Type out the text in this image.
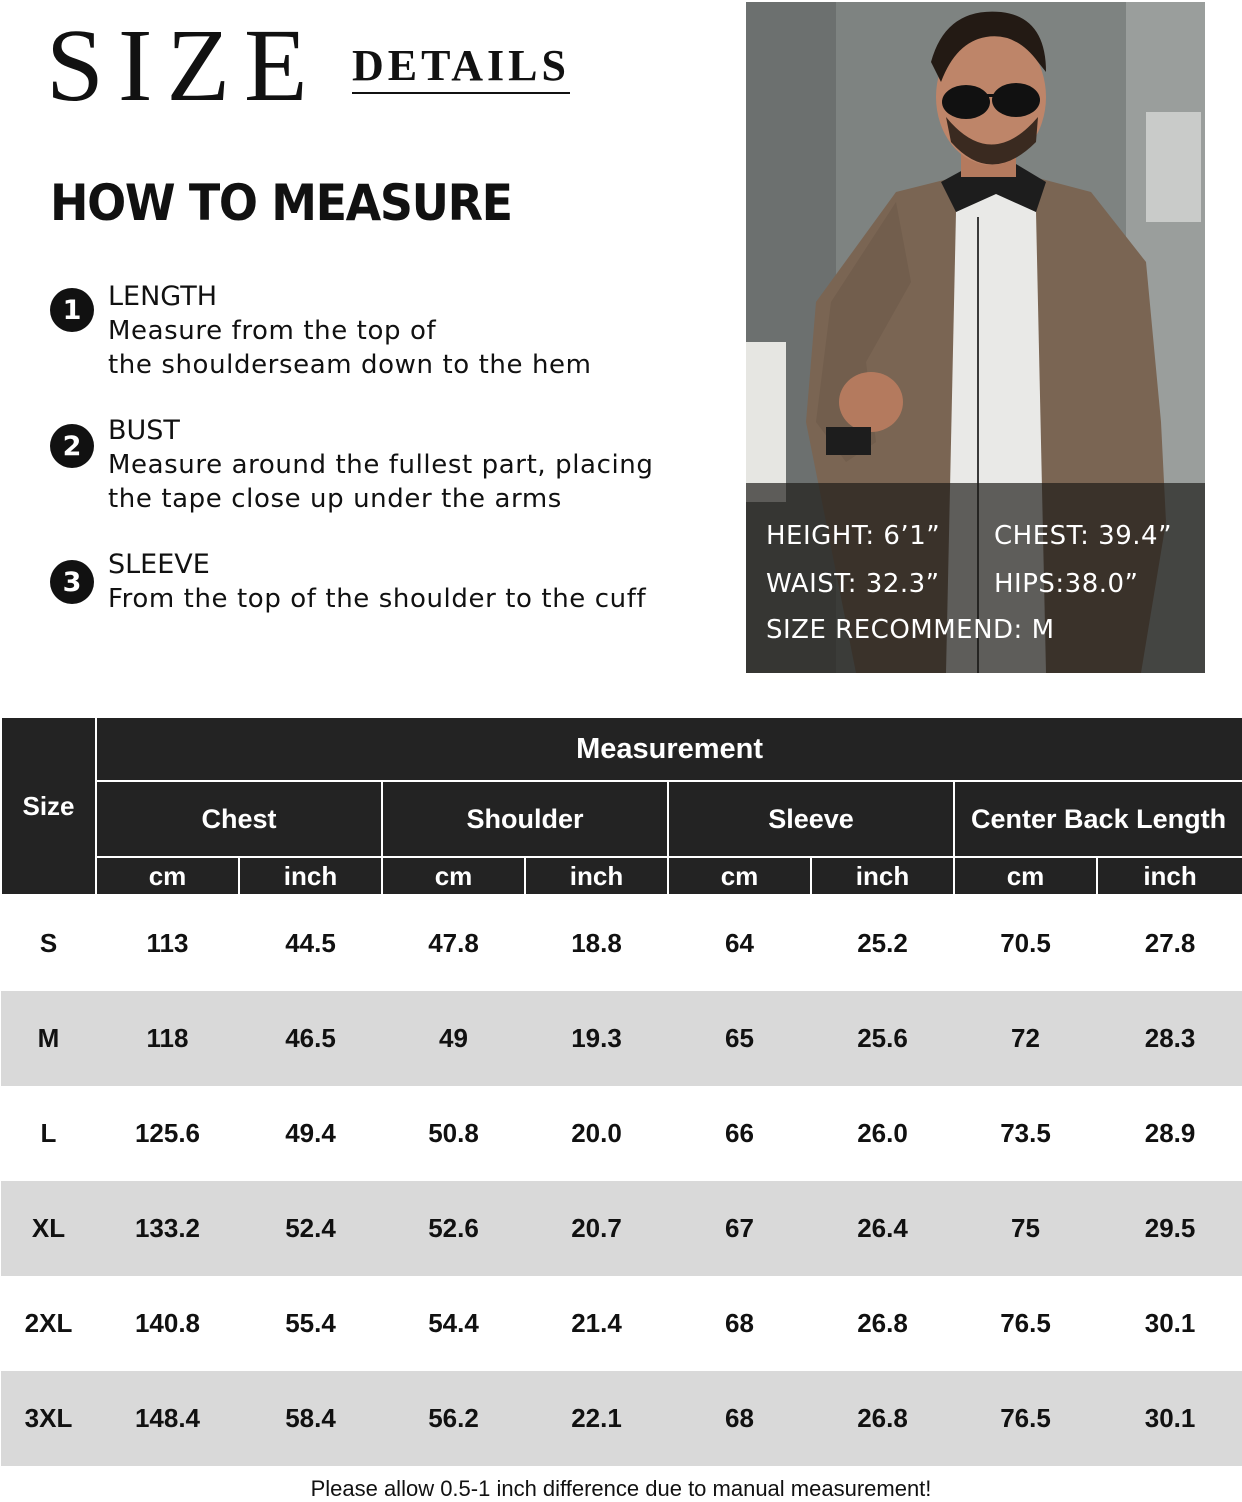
SIZE DETAILS
HOW TO MEASURE
1 LENGTH
Measure from the top of
the shoulderseam down to the hem
2 BUST
Measure around the fullest part, placing
the tape close up under the arms
3
SLEEVE
From the top of the shoulder to the cuff
HEIGHT: 6’1” CHEST: 39.4”
WAIST: 32.3” HIPS:38.0”
SIZE RECOMMEND: M
Size	Measurement							
	Chest		Shoulder		Sleeve		Center Back Length	
	cm	inch	cm	inch	cm	inch	cm	inch
S	113	44.5	47.8	18.8	64	25.2	70.5	27.8
M	118	46.5	49	19.3	65	25.6	72	28.3
L	125.6	49.4	50.8	20.0	66	26.0	73.5	28.9
XL	133.2	52.4	52.6	20.7	67	26.4	75	29.5
2XL	140.8	55.4	54.4	21.4	68	26.8	76.5	30.1
3XL	148.4	58.4	56.2	22.1	68	26.8	76.5	30.1
Please allow 0.5-1 inch difference due to manual measurement!
